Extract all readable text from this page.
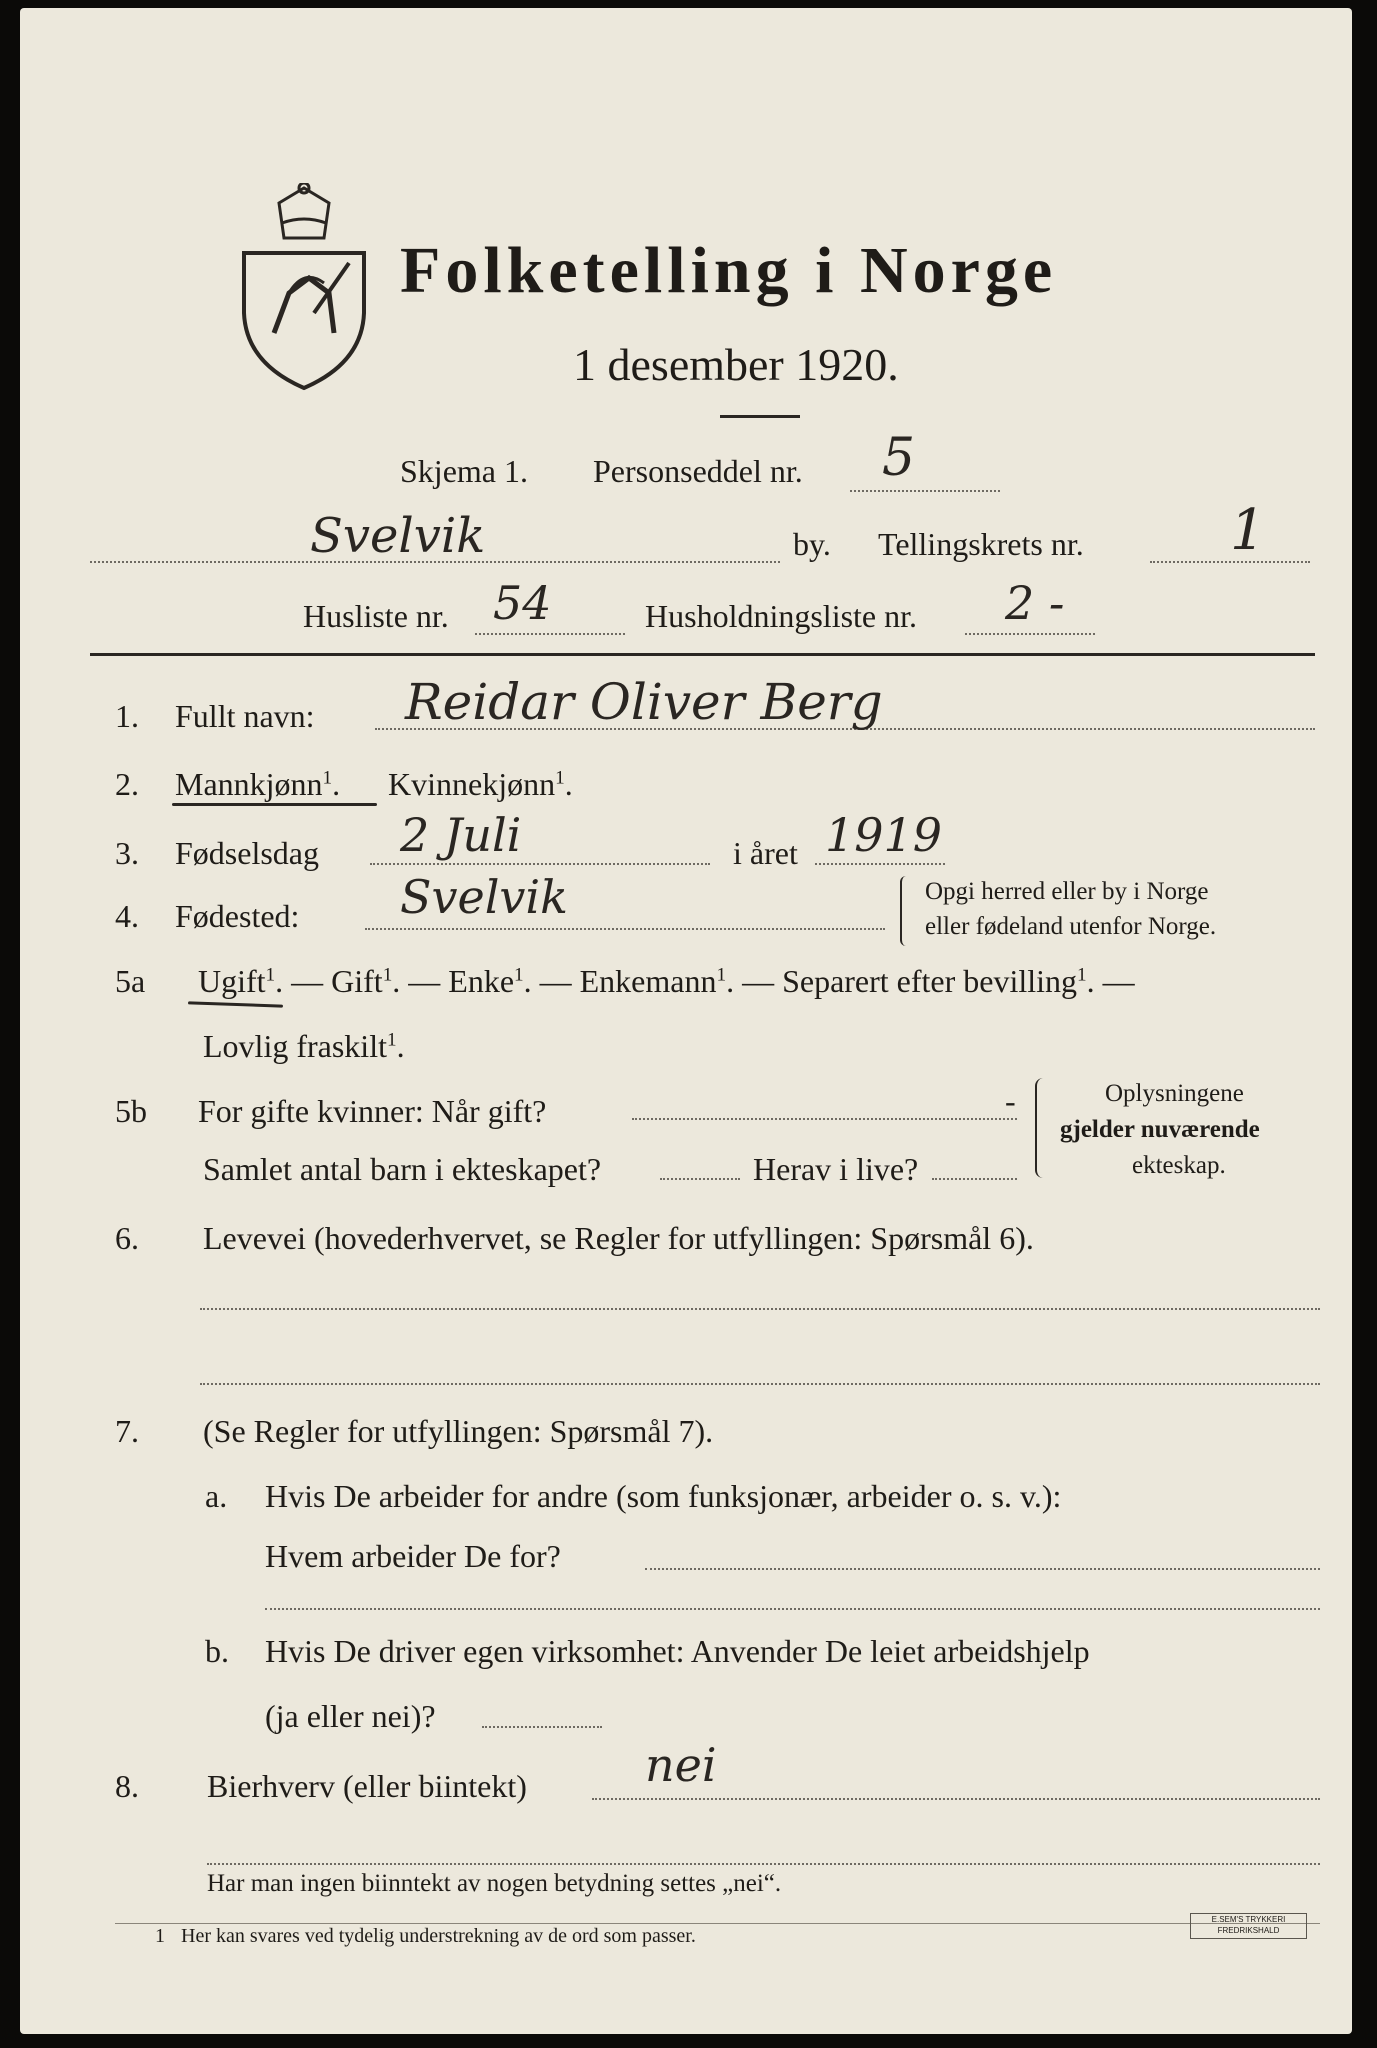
Folketelling i Norge
1 desember 1920.
Skjema 1. Personseddel nr. 5
Svelvik	by. Tellingskrets nr.	1
Husliste nr. 54	Husholdningsliste nr. 2 -
1. Fullt navn: Reidar Oliver Berg
2. Mannkjønn$^1$. Kvinnekjønn$^1$.
3. Fødselsdag 2 Juli	i året 1919
4. Fødested: Svelvik	Opgi herred eller by i Norge
eller fødeland utenfor Norge.
5a Ugift$^1$. — Gift$^1$. — Enke$^1$. — Enkemann$^1$. — Separert efter bevilling$^1$. —
Lovlig fraskilt$^1$.
5b For gifte kvinner: Når gift?	-
Samlet antal barn i ekteskapet?	Herav i live?
Oplysningene
gjelder nuværende
ekteskap.
6. Levevei (hovederhvervet, se Regler for utfyllingen: Spørsmål 6).
7. (Se Regler for utfyllingen: Spørsmål 7).
a. Hvis De arbeider for andre (som funksjonær, arbeider o. s. v.):
Hvem arbeider De for?
b. Hvis De driver egen virksomhet: Anvender De leiet arbeidshjelp
(ja eller nei)?
8. Bierhverv (eller biintekt)	nei
Har man ingen biinntekt av nogen betydning settes „nei“.
1 Her kan svares ved tydelig understrekning av de ord som passer.
E.SEM'S TRYKKERI
FREDRIKSHALD
